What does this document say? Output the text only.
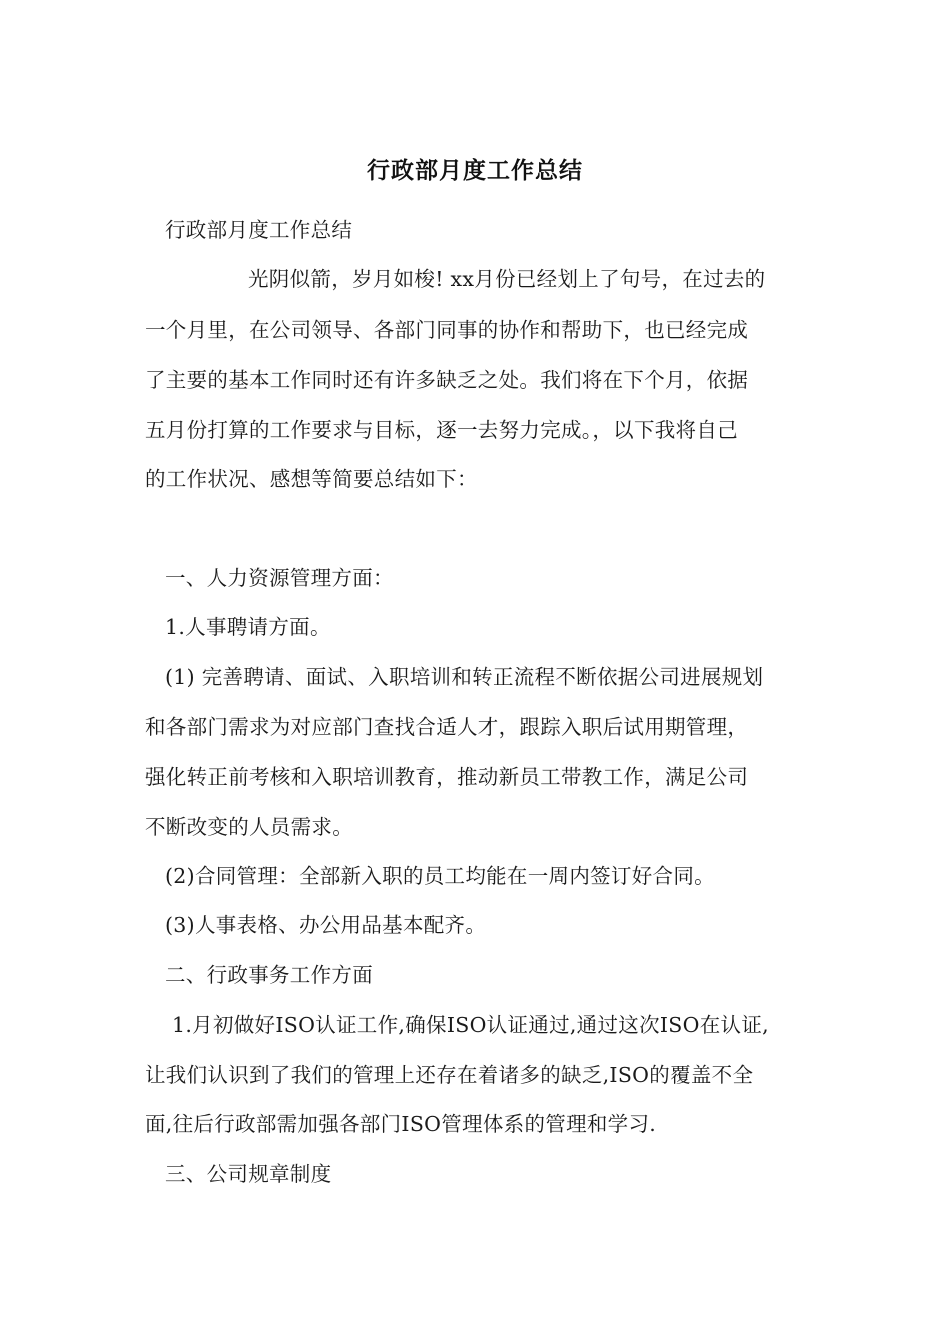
行政部月度工作总结
行政部月度工作总结
光阴似箭，岁月如梭! xx月份已经划上了句号，在过去的
一个月里，在公司领导、各部门同事的协作和帮助下，也已经完成
了主要的基本工作同时还有许多缺乏之处。我们将在下个月，依据
五月份打算的工作要求与目标，逐一去努力完成。，以下我将自己
的工作状况、感想等简要总结如下：
一、人力资源管理方面：
1.人事聘请方面。
(1) 完善聘请、面试、入职培训和转正流程不断依据公司进展规划
和各部门需求为对应部门查找合适人才，跟踪入职后试用期管理，
强化转正前考核和入职培训教育，推动新员工带教工作，满足公司
不断改变的人员需求。
(2)合同管理：全部新入职的员工均能在一周内签订好合同。
(3)人事表格、办公用品基本配齐。
二、行政事务工作方面
1.月初做好ISO认证工作,确保ISO认证通过,通过这次ISO在认证,
让我们认识到了我们的管理上还存在着诸多的缺乏,ISO的覆盖不全
面,往后行政部需加强各部门ISO管理体系的管理和学习.
三、公司规章制度
